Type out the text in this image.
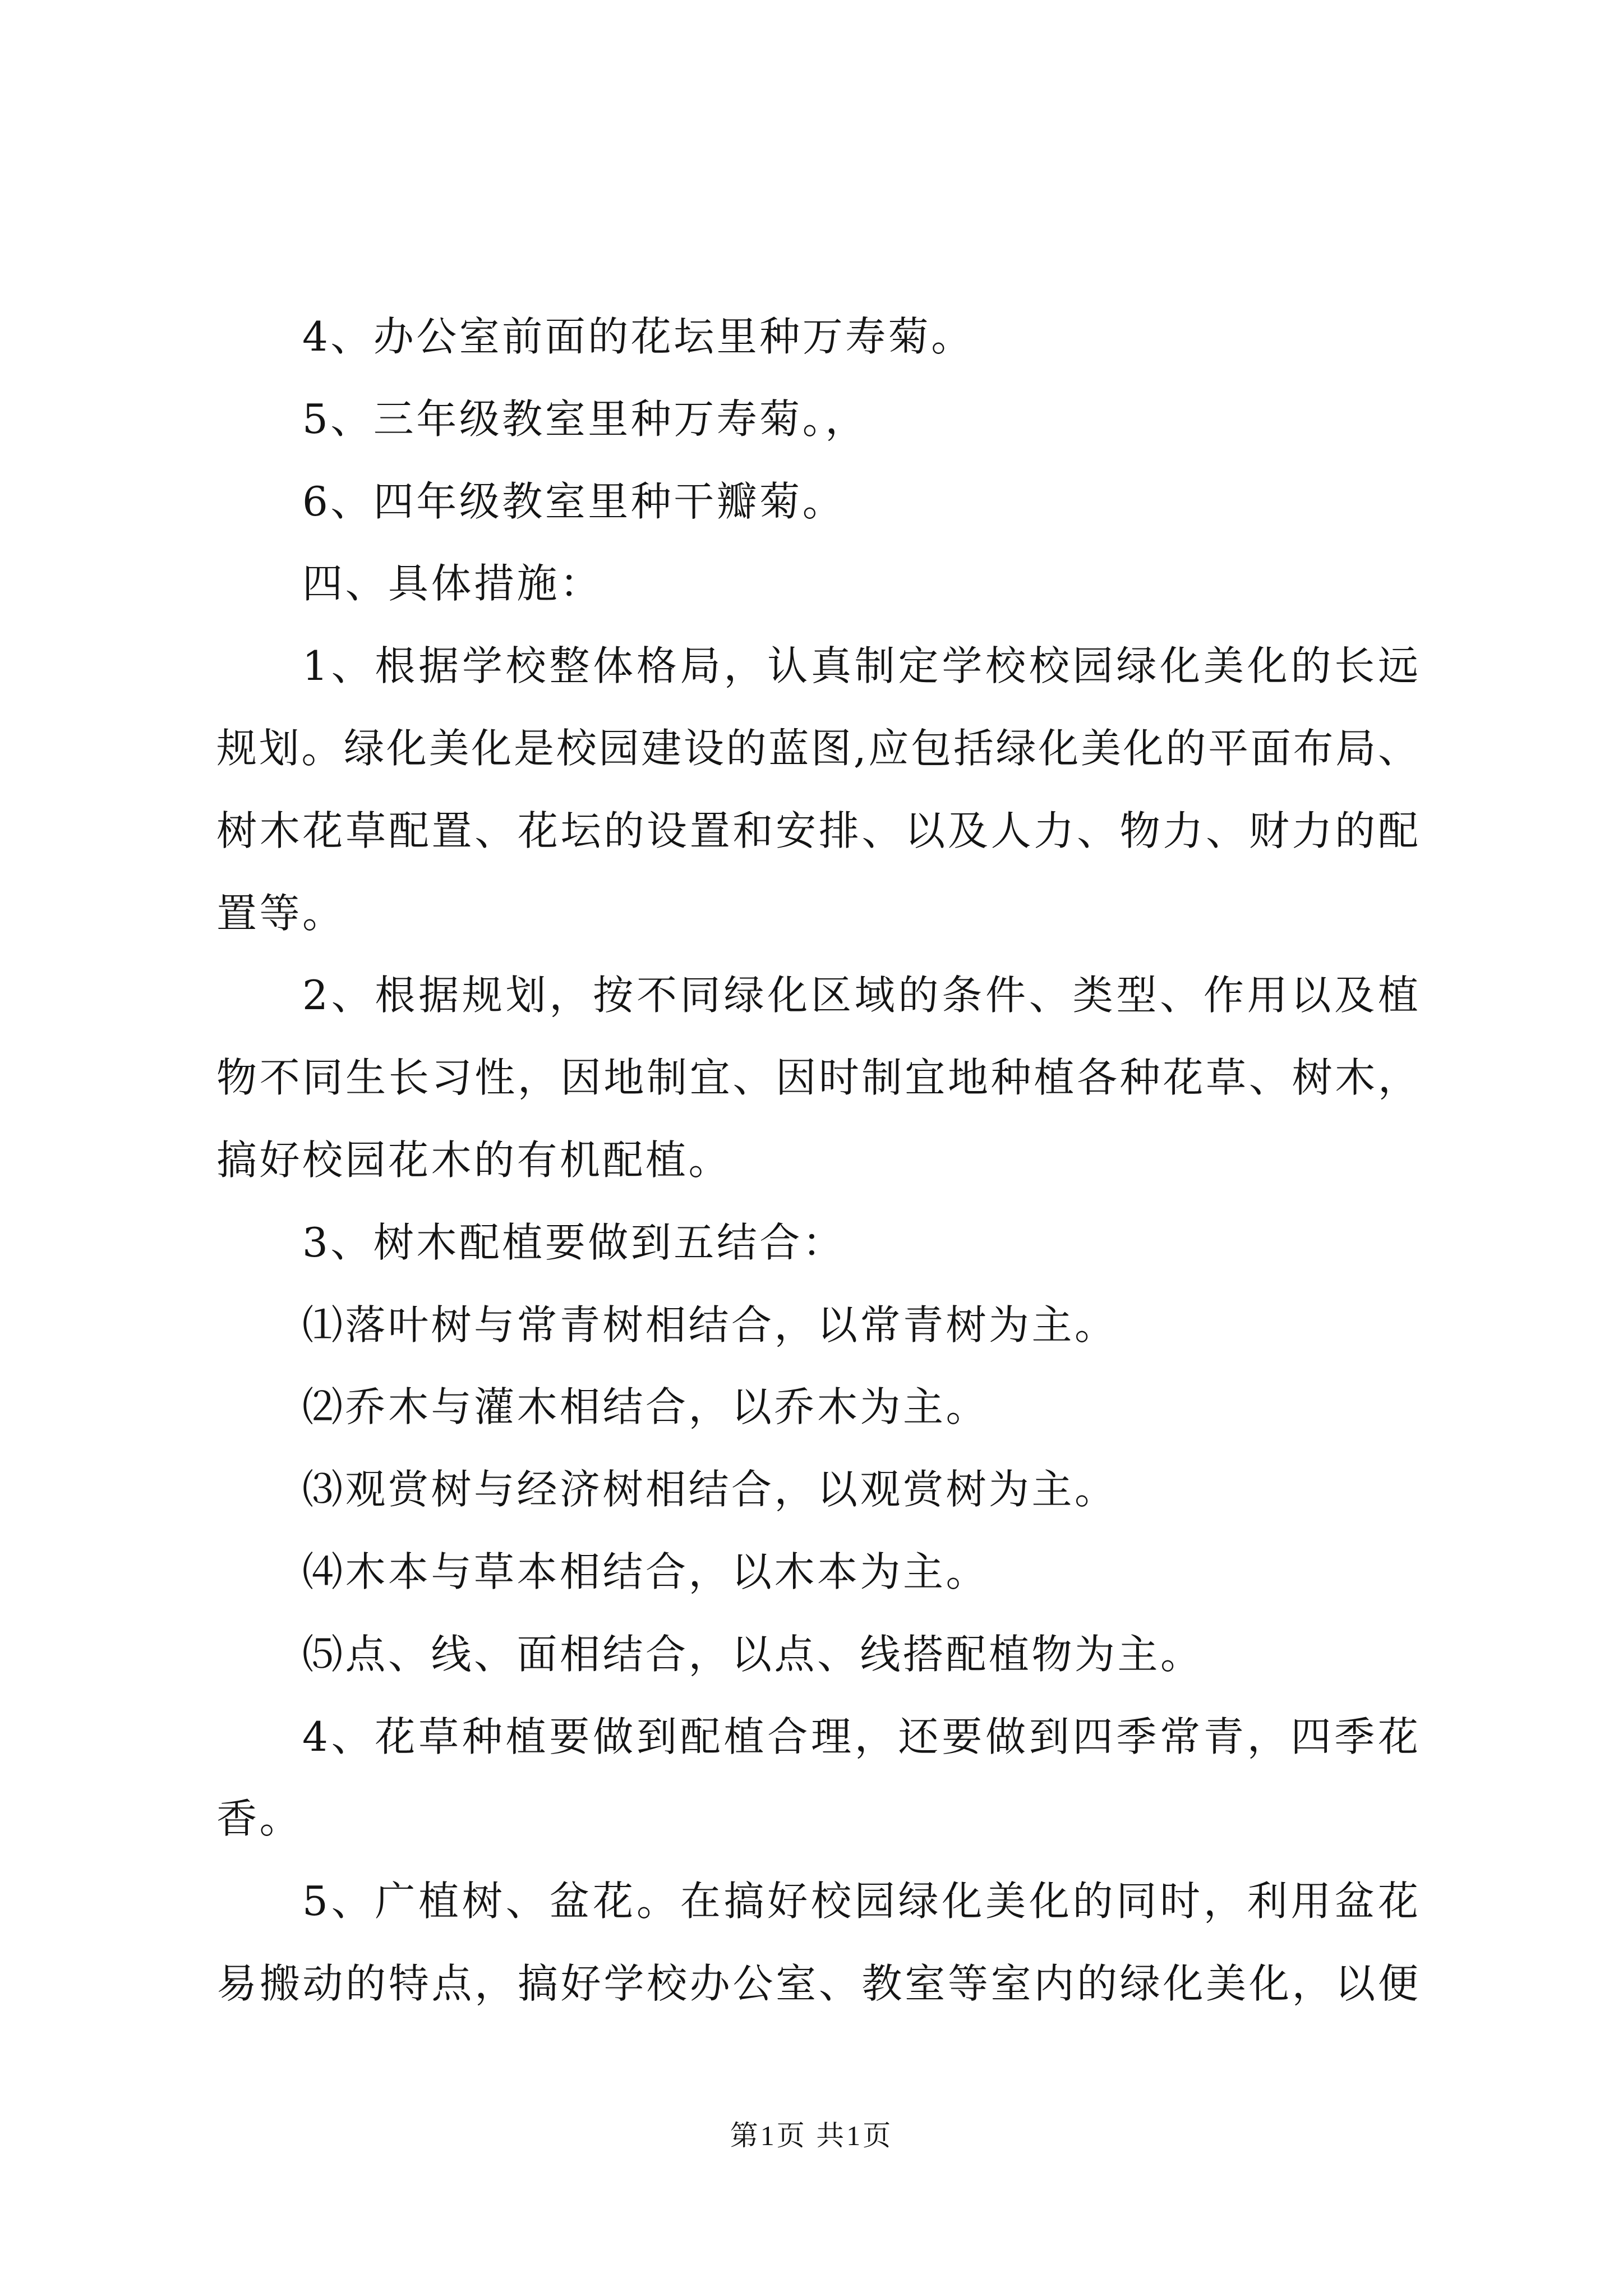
4、办公室前面的花坛里种万寿菊。
5、三年级教室里种万寿菊。，
6、四年级教室里种干瓣菊。
四、具体措施：
1、根据学校整体格局，认真制定学校校园绿化美化的长远
规划。绿化美化是校园建设的蓝图,应包括绿化美化的平面布局、
树木花草配置、花坛的设置和安排、以及人力、物力、财力的配
置等。
2、根据规划，按不同绿化区域的条件、类型、作用以及植
物不同生长习性，因地制宜、因时制宜地种植各种花草、树木，
搞好校园花木的有机配植。
3、树木配植要做到五结合：
⑴落叶树与常青树相结合，以常青树为主。
⑵乔木与灌木相结合，以乔木为主。
⑶观赏树与经济树相结合，以观赏树为主。
⑷木本与草本相结合，以木本为主。
⑸点、线、面相结合，以点、线搭配植物为主。
4、花草种植要做到配植合理，还要做到四季常青，四季花
香。
5、广植树、盆花。在搞好校园绿化美化的同时，利用盆花
易搬动的特点，搞好学校办公室、教室等室内的绿化美化，以便
第1页 共1页
